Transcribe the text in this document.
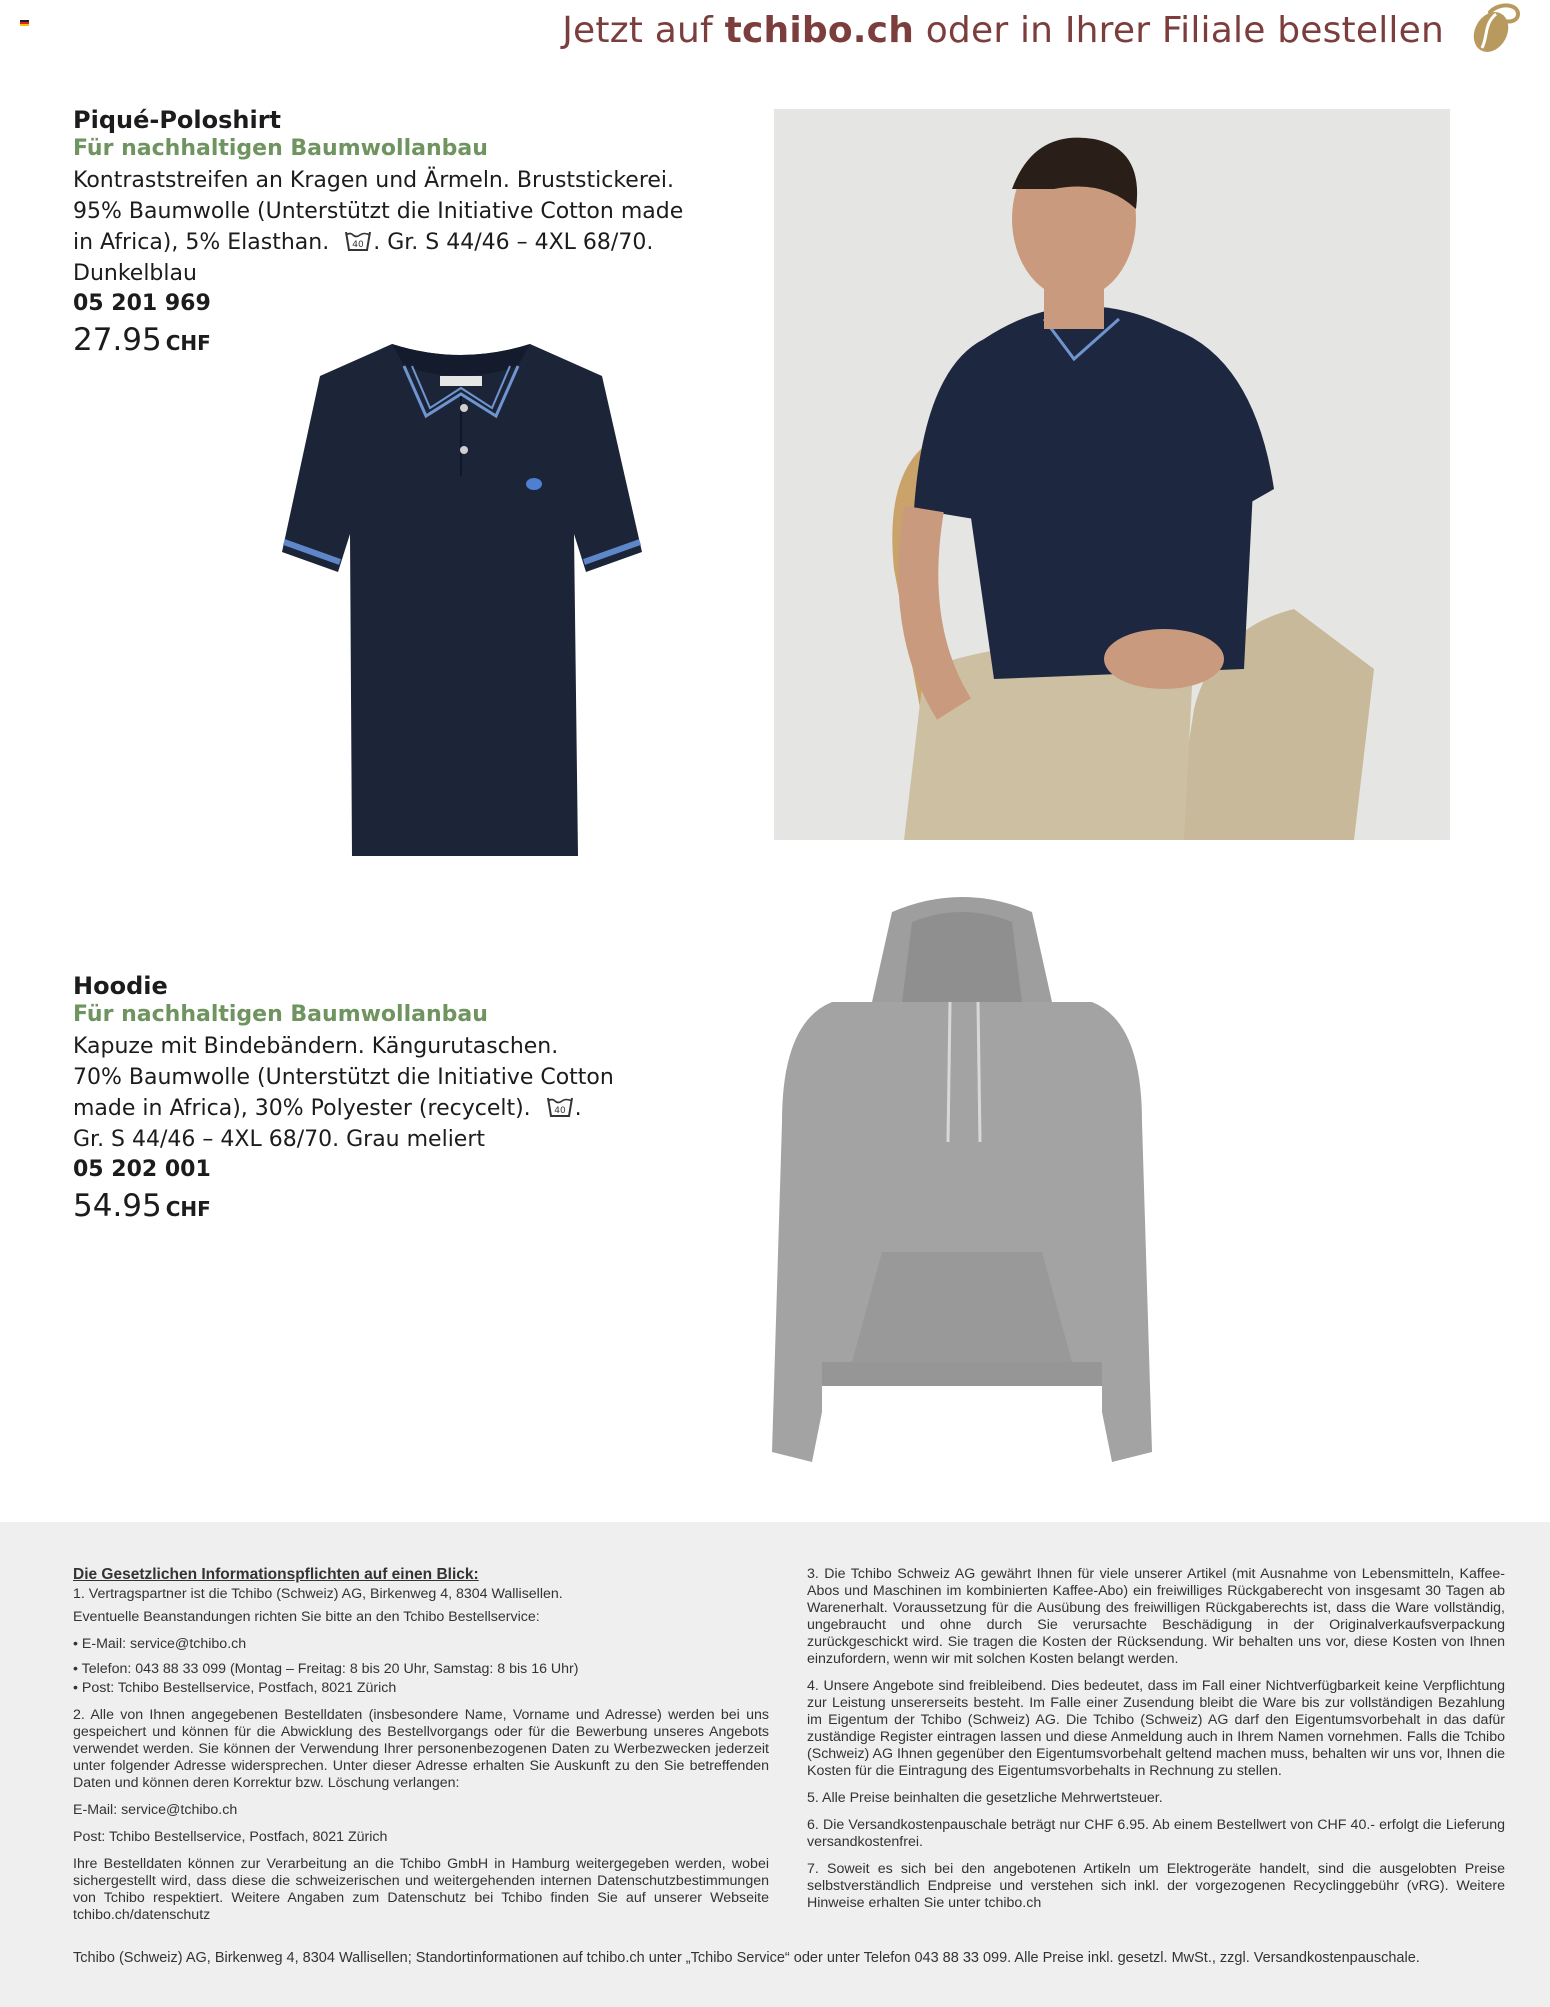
Jetzt auf tchibo.ch oder in Ihrer Filiale bestellen
Piqué-Poloshirt
Für nachhaltigen Baumwollanbau

Kontraststreifen an Kragen und Ärmeln. Bruststickerei.
95% Baumwolle (Unterstützt die Initiative Cotton made
in Africa), 5% Elasthan.	40 . Gr. S 44/46 – 4XL 68/70.
Dunkelblau

05 201 969
27.95 CHF
Hoodie
Für nachhaltigen Baumwollanbau

Kapuze mit Bindebändern. Kängurutaschen.
70% Baumwolle (Unterstützt die Initiative Cotton
made in Africa), 30% Polyester (recycelt).	40 .
Gr. S 44/46 – 4XL 68/70. Grau meliert

05 202 001
54.95 CHF

Die Gesetzlichen Informationspflichten auf einen Blick:

1. Vertragspartner ist die Tchibo (Schweiz) AG, Birkenweg 4, 8304 Wallisellen.

Eventuelle Beanstandungen richten Sie bitte an den Tchibo Bestellservice:

• E-Mail: service@tchibo.ch

• Telefon: 043 88 33 099 (Montag – Freitag: 8 bis 20 Uhr, Samstag: 8 bis 16 Uhr)

• Post: Tchibo Bestellservice, Postfach, 8021 Zürich

2. Alle von Ihnen angegebenen Bestelldaten (insbesondere Name, Vorname und Adresse) werden bei uns gespeichert und können für die Abwicklung des Bestellvorgangs oder für die Bewerbung unseres Angebots verwendet werden. Sie können der Verwendung Ihrer personenbezogenen Daten zu Werbezwecken jederzeit unter folgender Adresse widersprechen. Unter dieser Adresse erhalten Sie Auskunft zu den Sie betreffenden Daten und können deren Korrektur bzw. Löschung verlangen:

E-Mail: service@tchibo.ch

Post: Tchibo Bestellservice, Postfach, 8021 Zürich

Ihre Bestelldaten können zur Verarbeitung an die Tchibo GmbH in Hamburg weitergegeben werden, wobei sichergestellt wird, dass diese die schweizerischen und weitergehenden internen Datenschutzbestimmungen von Tchibo respektiert. Weitere Angaben zum Datenschutz bei Tchibo finden Sie auf unserer Webseite tchibo.ch/datenschutz

3. Die Tchibo Schweiz AG gewährt Ihnen für viele unserer Artikel (mit Ausnahme von Lebensmitteln, Kaffee-Abos und Maschinen im kombinierten Kaffee-Abo) ein freiwilliges Rückgaberecht von insgesamt 30 Tagen ab Warenerhalt. Voraussetzung für die Ausübung des freiwilligen Rückgaberechts ist, dass die Ware vollständig, ungebraucht und ohne durch Sie verursachte Beschädigung in der Originalverkaufsverpackung zurückgeschickt wird. Sie tragen die Kosten der Rücksendung. Wir behalten uns vor, diese Kosten von Ihnen einzufordern, wenn wir mit solchen Kosten belangt werden.

4. Unsere Angebote sind freibleibend. Dies bedeutet, dass im Fall einer Nichtverfügbarkeit keine Verpflichtung zur Leistung unsererseits besteht. Im Falle einer Zusendung bleibt die Ware bis zur vollständigen Bezahlung im Eigentum der Tchibo (Schweiz) AG. Die Tchibo (Schweiz) AG darf den Eigentumsvorbehalt in das dafür zuständige Register eintragen lassen und diese Anmeldung auch in Ihrem Namen vornehmen. Falls die Tchibo (Schweiz) AG Ihnen gegenüber den Eigentumsvorbehalt geltend machen muss, behalten wir uns vor, Ihnen die Kosten für die Eintragung des Eigentumsvorbehalts in Rechnung zu stellen.

5. Alle Preise beinhalten die gesetzliche Mehrwertsteuer.

6. Die Versandkostenpauschale beträgt nur CHF 6.95. Ab einem Bestellwert von CHF 40.- erfolgt die Lieferung versandkostenfrei.

7. Soweit es sich bei den angebotenen Artikeln um Elektrogeräte handelt, sind die ausgelobten Preise selbstverständlich Endpreise und verstehen sich inkl. der vorgezogenen Recyclinggebühr (vRG). Weitere Hinweise erhalten Sie unter tchibo.ch

Tchibo (Schweiz) AG, Birkenweg 4, 8304 Wallisellen; Standortinformationen auf tchibo.ch unter „Tchibo Service“ oder unter Telefon 043 88 33 099. Alle Preise inkl. gesetzl. MwSt., zzgl. Versandkostenpauschale.
